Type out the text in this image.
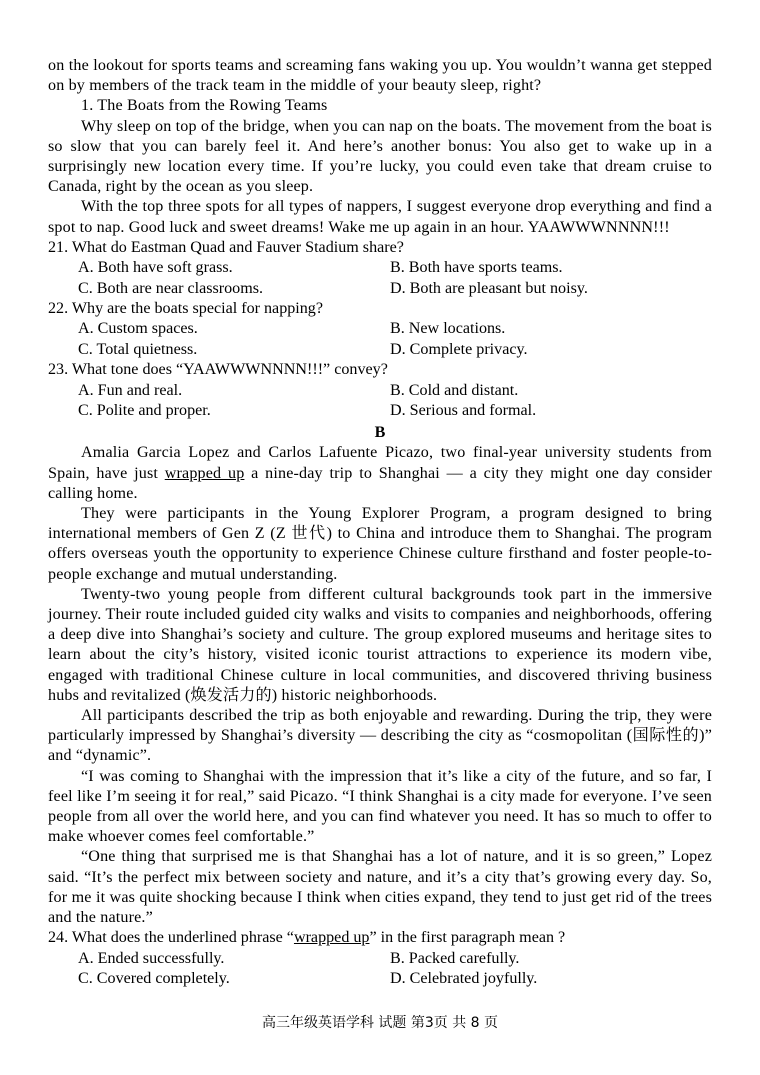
on the lookout for sports teams and screaming fans waking you up. You wouldn’t wanna get stepped on by members of the track team in the middle of your beauty sleep, right?

1. The Boats from the Rowing Teams

Why sleep on top of the bridge, when you can nap on the boats. The movement from the boat is so slow that you can barely feel it. And here’s another bonus: You also get to wake up in a surprisingly new location every time. If you’re lucky, you could even take that dream cruise to Canada, right by the ocean as you sleep.

With the top three spots for all types of nappers, I suggest everyone drop everything and find a spot to nap. Good luck and sweet dreams! Wake me up again in an hour. YAAWWWNNNN!!!

21. What do Eastman Quad and Fauver Stadium share?

A. Both have soft grass.	B. Both have sports teams.
C. Both are near classrooms.	D. Both are pleasant but noisy.

22. Why are the boats special for napping?

A. Custom spaces.	B. New locations.
C. Total quietness.	D. Complete privacy.

23. What tone does “YAAWWWNNNN!!!” convey?

A. Fun and real.	B. Cold and distant.
C. Polite and proper.	D. Serious and formal.

B

Amalia Garcia Lopez and Carlos Lafuente Picazo, two final-year university students from Spain, have just wrapped up a nine-day trip to Shanghai — a city they might one day consider calling home.

They were participants in the Young Explorer Program, a program designed to bring international members of Gen Z (Z 世代) to China and introduce them to Shanghai. The program offers overseas youth the opportunity to experience Chinese culture firsthand and foster people-to-people exchange and mutual understanding.

Twenty-two young people from different cultural backgrounds took part in the immersive journey. Their route included guided city walks and visits to companies and neighborhoods, offering a deep dive into Shanghai’s society and culture. The group explored museums and heritage sites to learn about the city’s history, visited iconic tourist attractions to experience its modern vibe, engaged with traditional Chinese culture in local communities, and discovered thriving business hubs and revitalized (焕发活力的) historic neighborhoods.

All participants described the trip as both enjoyable and rewarding. During the trip, they were particularly impressed by Shanghai’s diversity — describing the city as “cosmopolitan (国际性的)” and “dynamic”.

“I was coming to Shanghai with the impression that it’s like a city of the future, and so far, I feel like I’m seeing it for real,” said Picazo. “I think Shanghai is a city made for everyone. I’ve seen people from all over the world here, and you can find whatever you need. It has so much to offer to make whoever comes feel comfortable.”

“One thing that surprised me is that Shanghai has a lot of nature, and it is so green,” Lopez said. “It’s the perfect mix between society and nature, and it’s a city that’s growing every day. So, for me it was quite shocking because I think when cities expand, they tend to just get rid of the trees and the nature.”

24. What does the underlined phrase “wrapped up” in the first paragraph mean ?

A. Ended successfully.	B. Packed carefully.
C. Covered completely.	D. Celebrated joyfully.
高三年级英语学科 试题 第3页 共 8 页
